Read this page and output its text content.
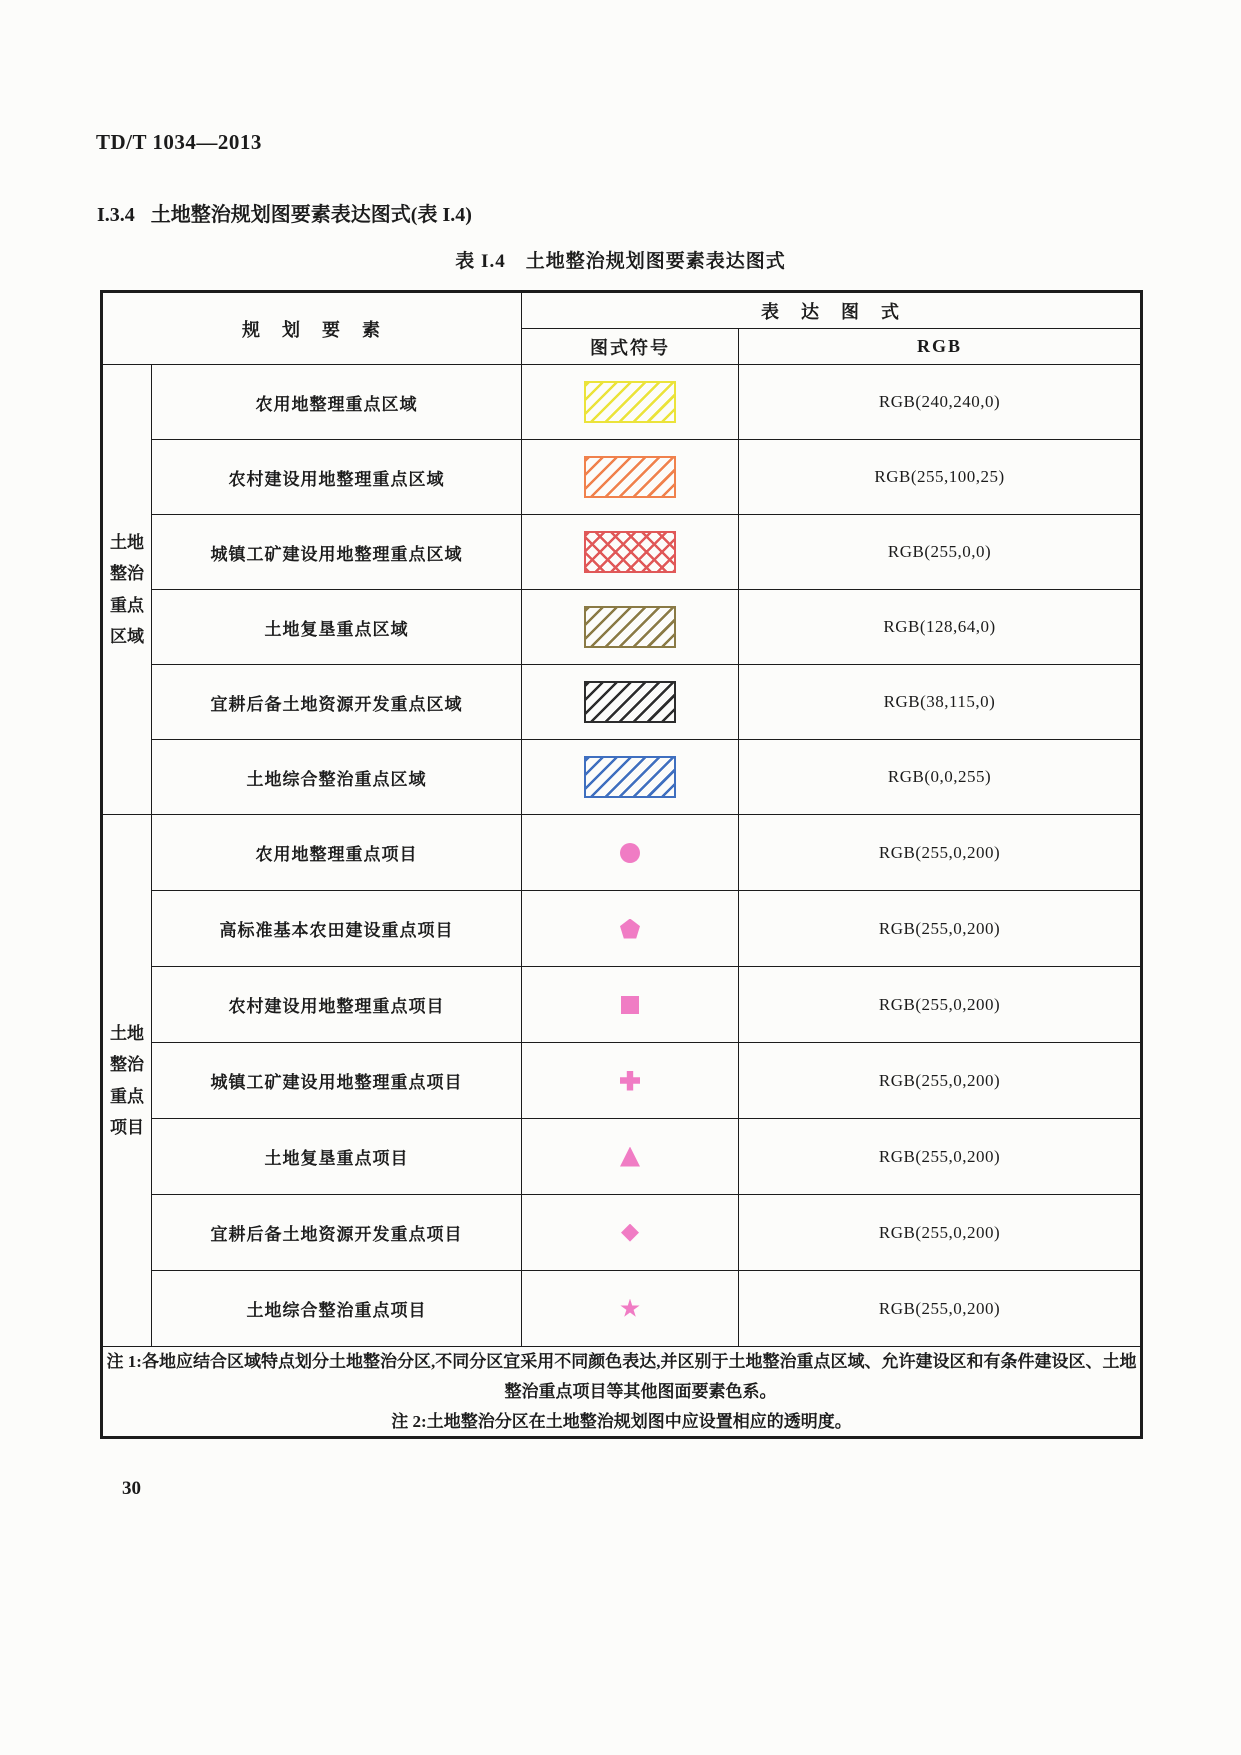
TD/T 1034—2013
I.3.4 土地整治规划图要素表达图式(表 I.4)
表 I.4　土地整治规划图要素表达图式
规　划　要　素		表　达　图　式	
		图式符号	RGB
土地整治重点区域	农用地整理重点区域		RGB(240,240,0)
	农村建设用地整理重点区域		RGB(255,100,25)
	城镇工矿建设用地整理重点区域		RGB(255,0,0)
	土地复垦重点区域		RGB(128,64,0)
	宜耕后备土地资源开发重点区域		RGB(38,115,0)
	土地综合整治重点区域		RGB(0,0,255)
土地整治重点项目	农用地整理重点项目		RGB(255,0,200)
	高标准基本农田建设重点项目		RGB(255,0,200)
	农村建设用地整理重点项目		RGB(255,0,200)
	城镇工矿建设用地整理重点项目		RGB(255,0,200)
	土地复垦重点项目		RGB(255,0,200)
	宜耕后备土地资源开发重点项目		RGB(255,0,200)
	土地综合整治重点项目		RGB(255,0,200)

注 1:各地应结合区域特点划分土地整治分区,不同分区宜采用不同颜色表达,并区别于土地整治重点区域、允许建设区和有条件建设区、土地整治重点项目等其他图面要素色系。

注 2:土地整治分区在土地整治规划图中应设置相应的透明度。			

30
